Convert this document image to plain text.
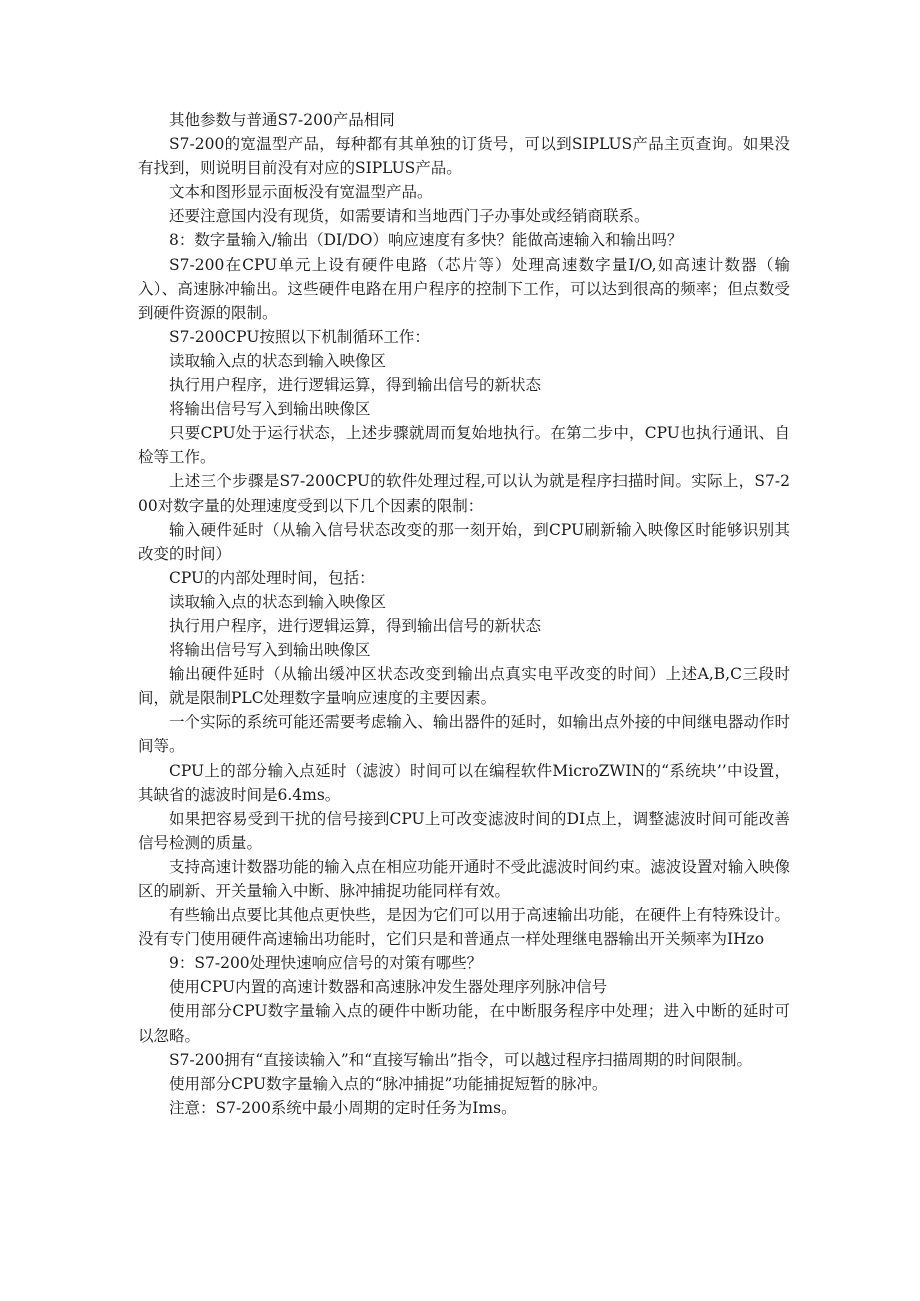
其他参数与普通S7-200产品相同

S7-200的宽温型产品，每种都有其单独的订货号，可以到SIPLUS产品主页查询。如果没有找到，则说明目前没有对应的SIPLUS产品。

文本和图形显示面板没有宽温型产品。

还要注意国内没有现货，如需要请和当地西门子办事处或经销商联系。

8：数字量输入/输出（DI/DO）响应速度有多快？能做高速输入和输出吗？

S7-200在CPU单元上设有硬件电路（芯片等）处理高速数字量I/O,如高速计数器（输入）、高速脉冲输出。这些硬件电路在用户程序的控制下工作，可以达到很高的频率；但点数受到硬件资源的限制。

S7-200CPU按照以下机制循环工作：

读取输入点的状态到输入映像区

执行用户程序，进行逻辑运算，得到输出信号的新状态

将输出信号写入到输出映像区

只要CPU处于运行状态，上述步骤就周而复始地执行。在第二步中，CPU也执行通讯、自检等工作。

上述三个步骤是S7-200CPU的软件处理过程,可以认为就是程序扫描时间。实际上，S7-200对数字量的处理速度受到以下几个因素的限制：

输入硬件延时（从输入信号状态改变的那一刻开始，到CPU刷新输入映像区时能够识别其改变的时间）

CPU的内部处理时间，包括：

读取输入点的状态到输入映像区

执行用户程序，进行逻辑运算，得到输出信号的新状态

将输出信号写入到输出映像区

输出硬件延时（从输出缓冲区状态改变到输出点真实电平改变的时间）上述A,B,C三段时间，就是限制PLC处理数字量响应速度的主要因素。

一个实际的系统可能还需要考虑输入、输出器件的延时，如输出点外接的中间继电器动作时间等。

CPU上的部分输入点延时（滤波）时间可以在编程软件MicroZWIN的“系统块’’中设置，其缺省的滤波时间是6.4ms。

如果把容易受到干扰的信号接到CPU上可改变滤波时间的DI点上，调整滤波时间可能改善信号检测的质量。

支持高速计数器功能的输入点在相应功能开通时不受此滤波时间约束。滤波设置对输入映像区的刷新、开关量输入中断、脉冲捕捉功能同样有效。

有些输出点要比其他点更快些，是因为它们可以用于高速输出功能，在硬件上有特殊设计。没有专门使用硬件高速输出功能时，它们只是和普通点一样处理继电器输出开关频率为IHzo

9：S7-200处理快速响应信号的对策有哪些？

使用CPU内置的高速计数器和高速脉冲发生器处理序列脉冲信号

使用部分CPU数字量输入点的硬件中断功能，在中断服务程序中处理；进入中断的延时可以忽略。

S7-200拥有“直接读输入”和“直接写输出”指令，可以越过程序扫描周期的时间限制。

使用部分CPU数字量输入点的“脉冲捕捉”功能捕捉短暂的脉冲。

注意：S7-200系统中最小周期的定时任务为Ims。
